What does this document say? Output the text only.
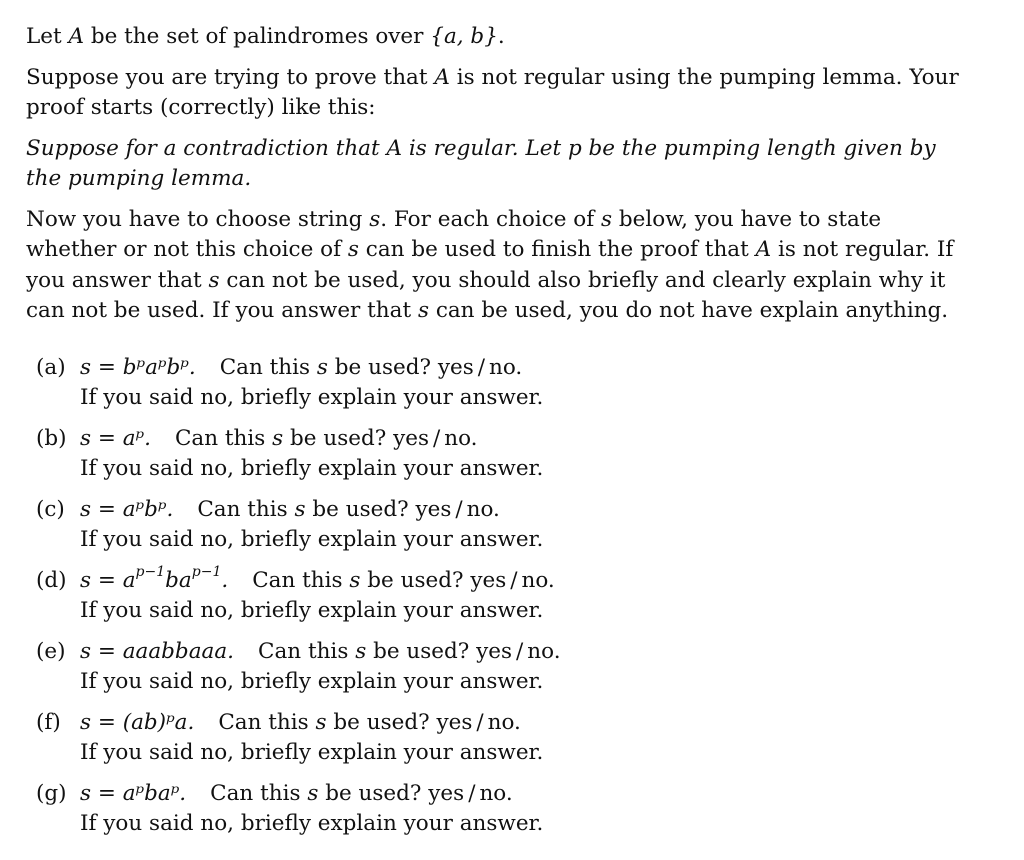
Let A be the set of palindromes over {a, b}.

Suppose you are trying to prove that A is not regular using the pumping lemma. Your proof starts (correctly) like this:

Suppose for a contradiction that A is regular. Let p be the pumping length given by the pumping lemma.

Now you have to choose string s. For each choice of s below, you have to state whether or not this choice of s can be used to finish the proof that A is not regular. If you answer that s can not be used, you should also briefly and clearly explain why it can not be used. If you answer that s can be used, you do not have explain anything.

(a) s = bᵖaᵖbᵖ. Can this s be used? yes / no.
If you said no, briefly explain your answer.
(b) s = aᵖ. Can this s be used? yes / no.
If you said no, briefly explain your answer.
(c) s = aᵖbᵖ. Can this s be used? yes / no.
If you said no, briefly explain your answer.
(d) $s = a^{p-1}ba^{p-1}$. Can this s be used? yes / no.
If you said no, briefly explain your answer.
(e) s = aaabbaaa. Can this s be used? yes / no.
If you said no, briefly explain your answer.
(f) s = (ab)ᵖa. Can this s be used? yes / no.
If you said no, briefly explain your answer.
(g) s = aᵖbaᵖ. Can this s be used? yes / no.
If you said no, briefly explain your answer.
